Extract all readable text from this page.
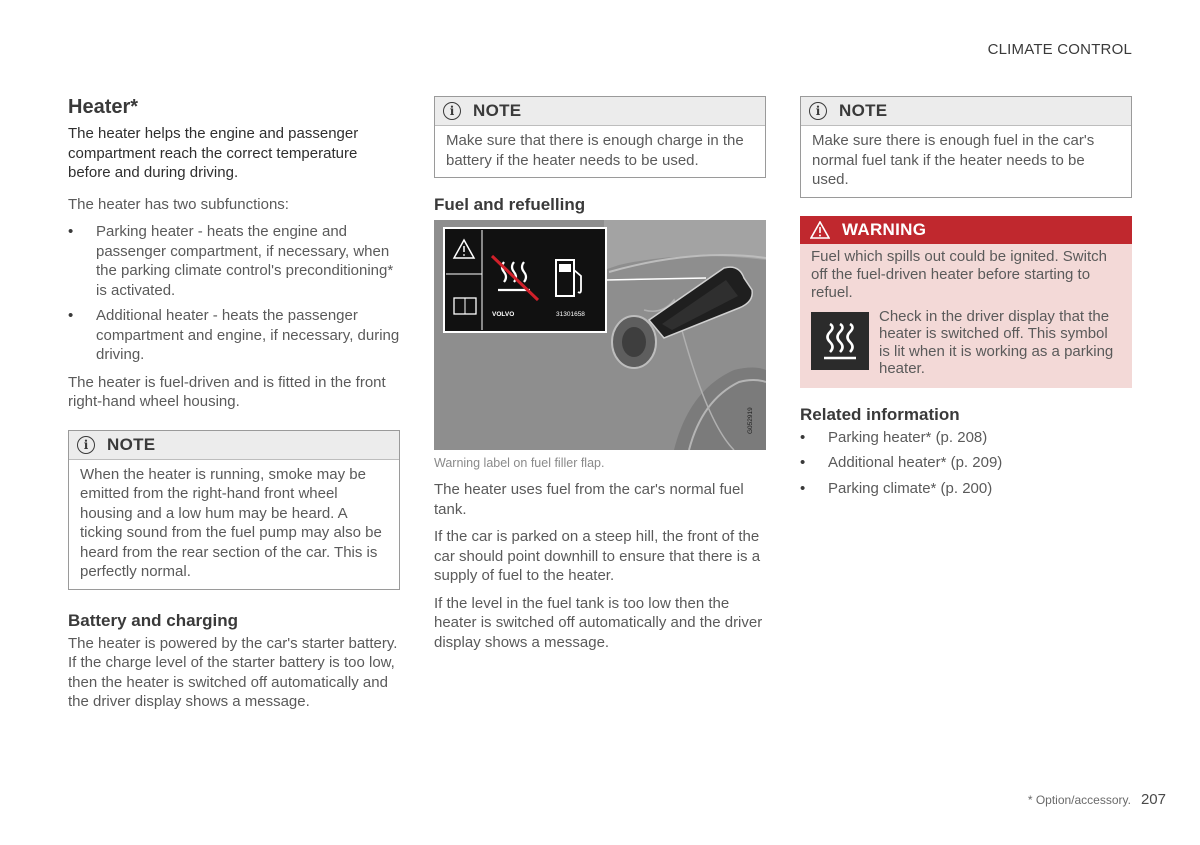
CLIMATE CONTROL
Heater*

The heater helps the engine and passenger compartment reach the correct temperature before and during driving.

The heater has two subfunctions:

• Parking heater - heats the engine and passenger compartment, if necessary, when the parking climate control's preconditioning* is activated.
• Additional heater - heats the passenger compartment and engine, if necessary, during driving.

The heater is fuel-driven and is fitted in the front right-hand wheel housing.

i	NOTE
When the heater is running, smoke may be emitted from the right-hand front wheel housing and a low hum may be heard. A ticking sound from the fuel pump may also be heard from the rear section of the car. This is perfectly normal.
Battery and charging

The heater is powered by the car's starter battery. If the charge level of the starter battery is too low, then the heater is switched off automatically and the driver display shows a message.

i	NOTE
Make sure that there is enough charge in the battery if the heater needs to be used.
Fuel and refuelling
VOLVO	31301658
G052919
Warning label on fuel filler flap.

The heater uses fuel from the car's normal fuel tank.

If the car is parked on a steep hill, the front of the car should point downhill to ensure that there is a supply of fuel to the heater.

If the level in the fuel tank is too low then the heater is switched off automatically and the driver display shows a message.

i	NOTE
Make sure there is enough fuel in the car's normal fuel tank if the heater needs to be used.
WARNING
Fuel which spills out could be ignited. Switch off the fuel-driven heater before starting to refuel.
Check in the driver display that the heater is switched off. This symbol is lit when it is working as a parking heater.
Related information
• Parking heater* (p. 208)
• Additional heater* (p. 209)
• Parking climate* (p. 200)
* Option/accessory. 207
